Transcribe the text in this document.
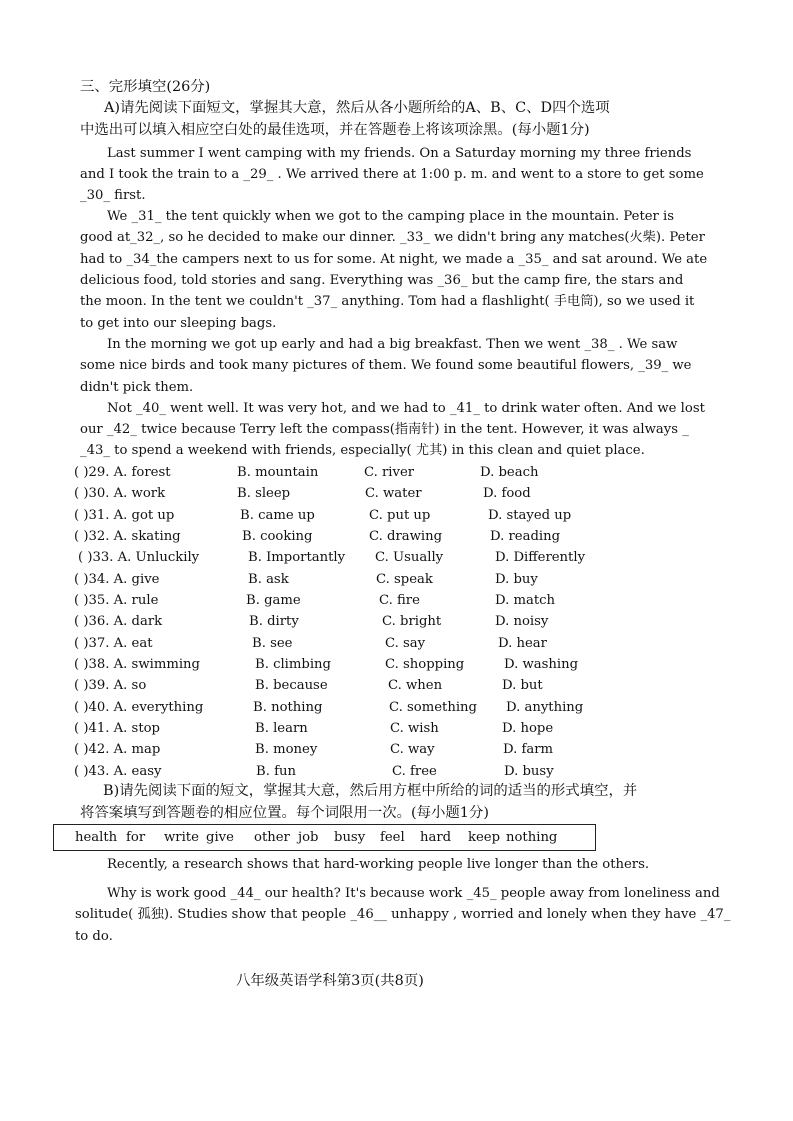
三、完形填空(26分)
A)请先阅读下面短文，掌握其大意，然后从各小题所给的A、B、C、D四个选项
中选出可以填入相应空白处的最佳选项，并在答题卷上将该项涂黑。(每小题1分)
Last summer I went camping with my friends. On a Saturday morning my three friends
and I took the train to a _29_ . We arrived there at 1:00 p. m. and went to a store to get some
_30_ first.
We _31_ the tent quickly when we got to the camping place in the mountain. Peter is
good at_32_, so he decided to make our dinner. _33_ we didn't bring any matches(火柴). Peter
had to _34_the campers next to us for some. At night, we made a _35_ and sat around. We ate
delicious food, told stories and sang. Everything was _36_ but the camp fire, the stars and
the moon. In the tent we couldn't _37_ anything. Tom had a flashlight( 手电筒), so we used it
to get into our sleeping bags.
In the morning we got up early and had a big breakfast. Then we went _38_ . We saw
some nice birds and took many pictures of them. We found some beautiful flowers, _39_ we
didn't pick them.
Not _40_ went well. It was very hot, and we had to _41_ to drink water often. And we lost
our _42_ twice because Terry left the compass(指南针) in the tent. However, it was always _
_43_ to spend a weekend with friends, especially( 尤其) in this clean and quiet place.
( )29. A. forest	B. mountain	C. river	D. beach
( )30. A. work	B. sleep	C. water	D. food
( )31. A. got up	B. came up	C. put up	D. stayed up
( )32. A. skating	B. cooking	C. drawing	D. reading
( )33. A. Unluckily	B. Importantly C. Usually	D. Differently
( )34. A. give	B. ask	C. speak	D. buy
( )35. A. rule	B. game	C. fire	D. match
( )36. A. dark	B. dirty	C. bright	D. noisy
( )37. A. eat	B. see	C. say	D. hear
( )38. A. swimming	B. climbing	C. shopping	D. washing
( )39. A. so	B. because	C. when	D. but
( )40. A. everything	B. nothing	C. something D. anything
( )41. A. stop	B. learn	C. wish	D. hope
( )42. A. map	B. money	C. way	D. farm
( )43. A. easy	B. fun	C. free	D. busy
B)请先阅读下面的短文，掌握其大意，然后用方框中所给的词的适当的形式填空，并
将答案填写到答题卷的相应位置。每个词限用一次。(每小题1分)
health for write give other job busy feel hard keep nothing
Recently, a research shows that hard-working people live longer than the others.
Why is work good _44_ our health? It's because work _45_ people away from loneliness and
solitude( 孤独). Studies show that people _46__ unhappy , worried and lonely when they have _47_
to do.
八年级英语学科第3页(共8页)
